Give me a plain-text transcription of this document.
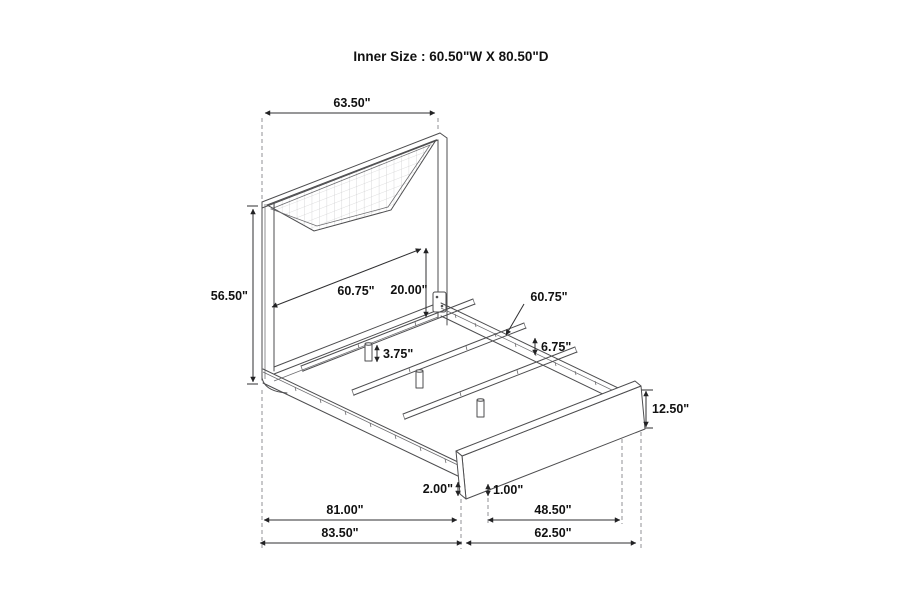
Inner Size : 60.50"W X 80.50"D
63.50"
56.50"	60.75" 20.00"	60.75"
6.75"
3.75"
12.50"
2.00"	1.00"
81.00"	48.50"
83.50"	62.50"
